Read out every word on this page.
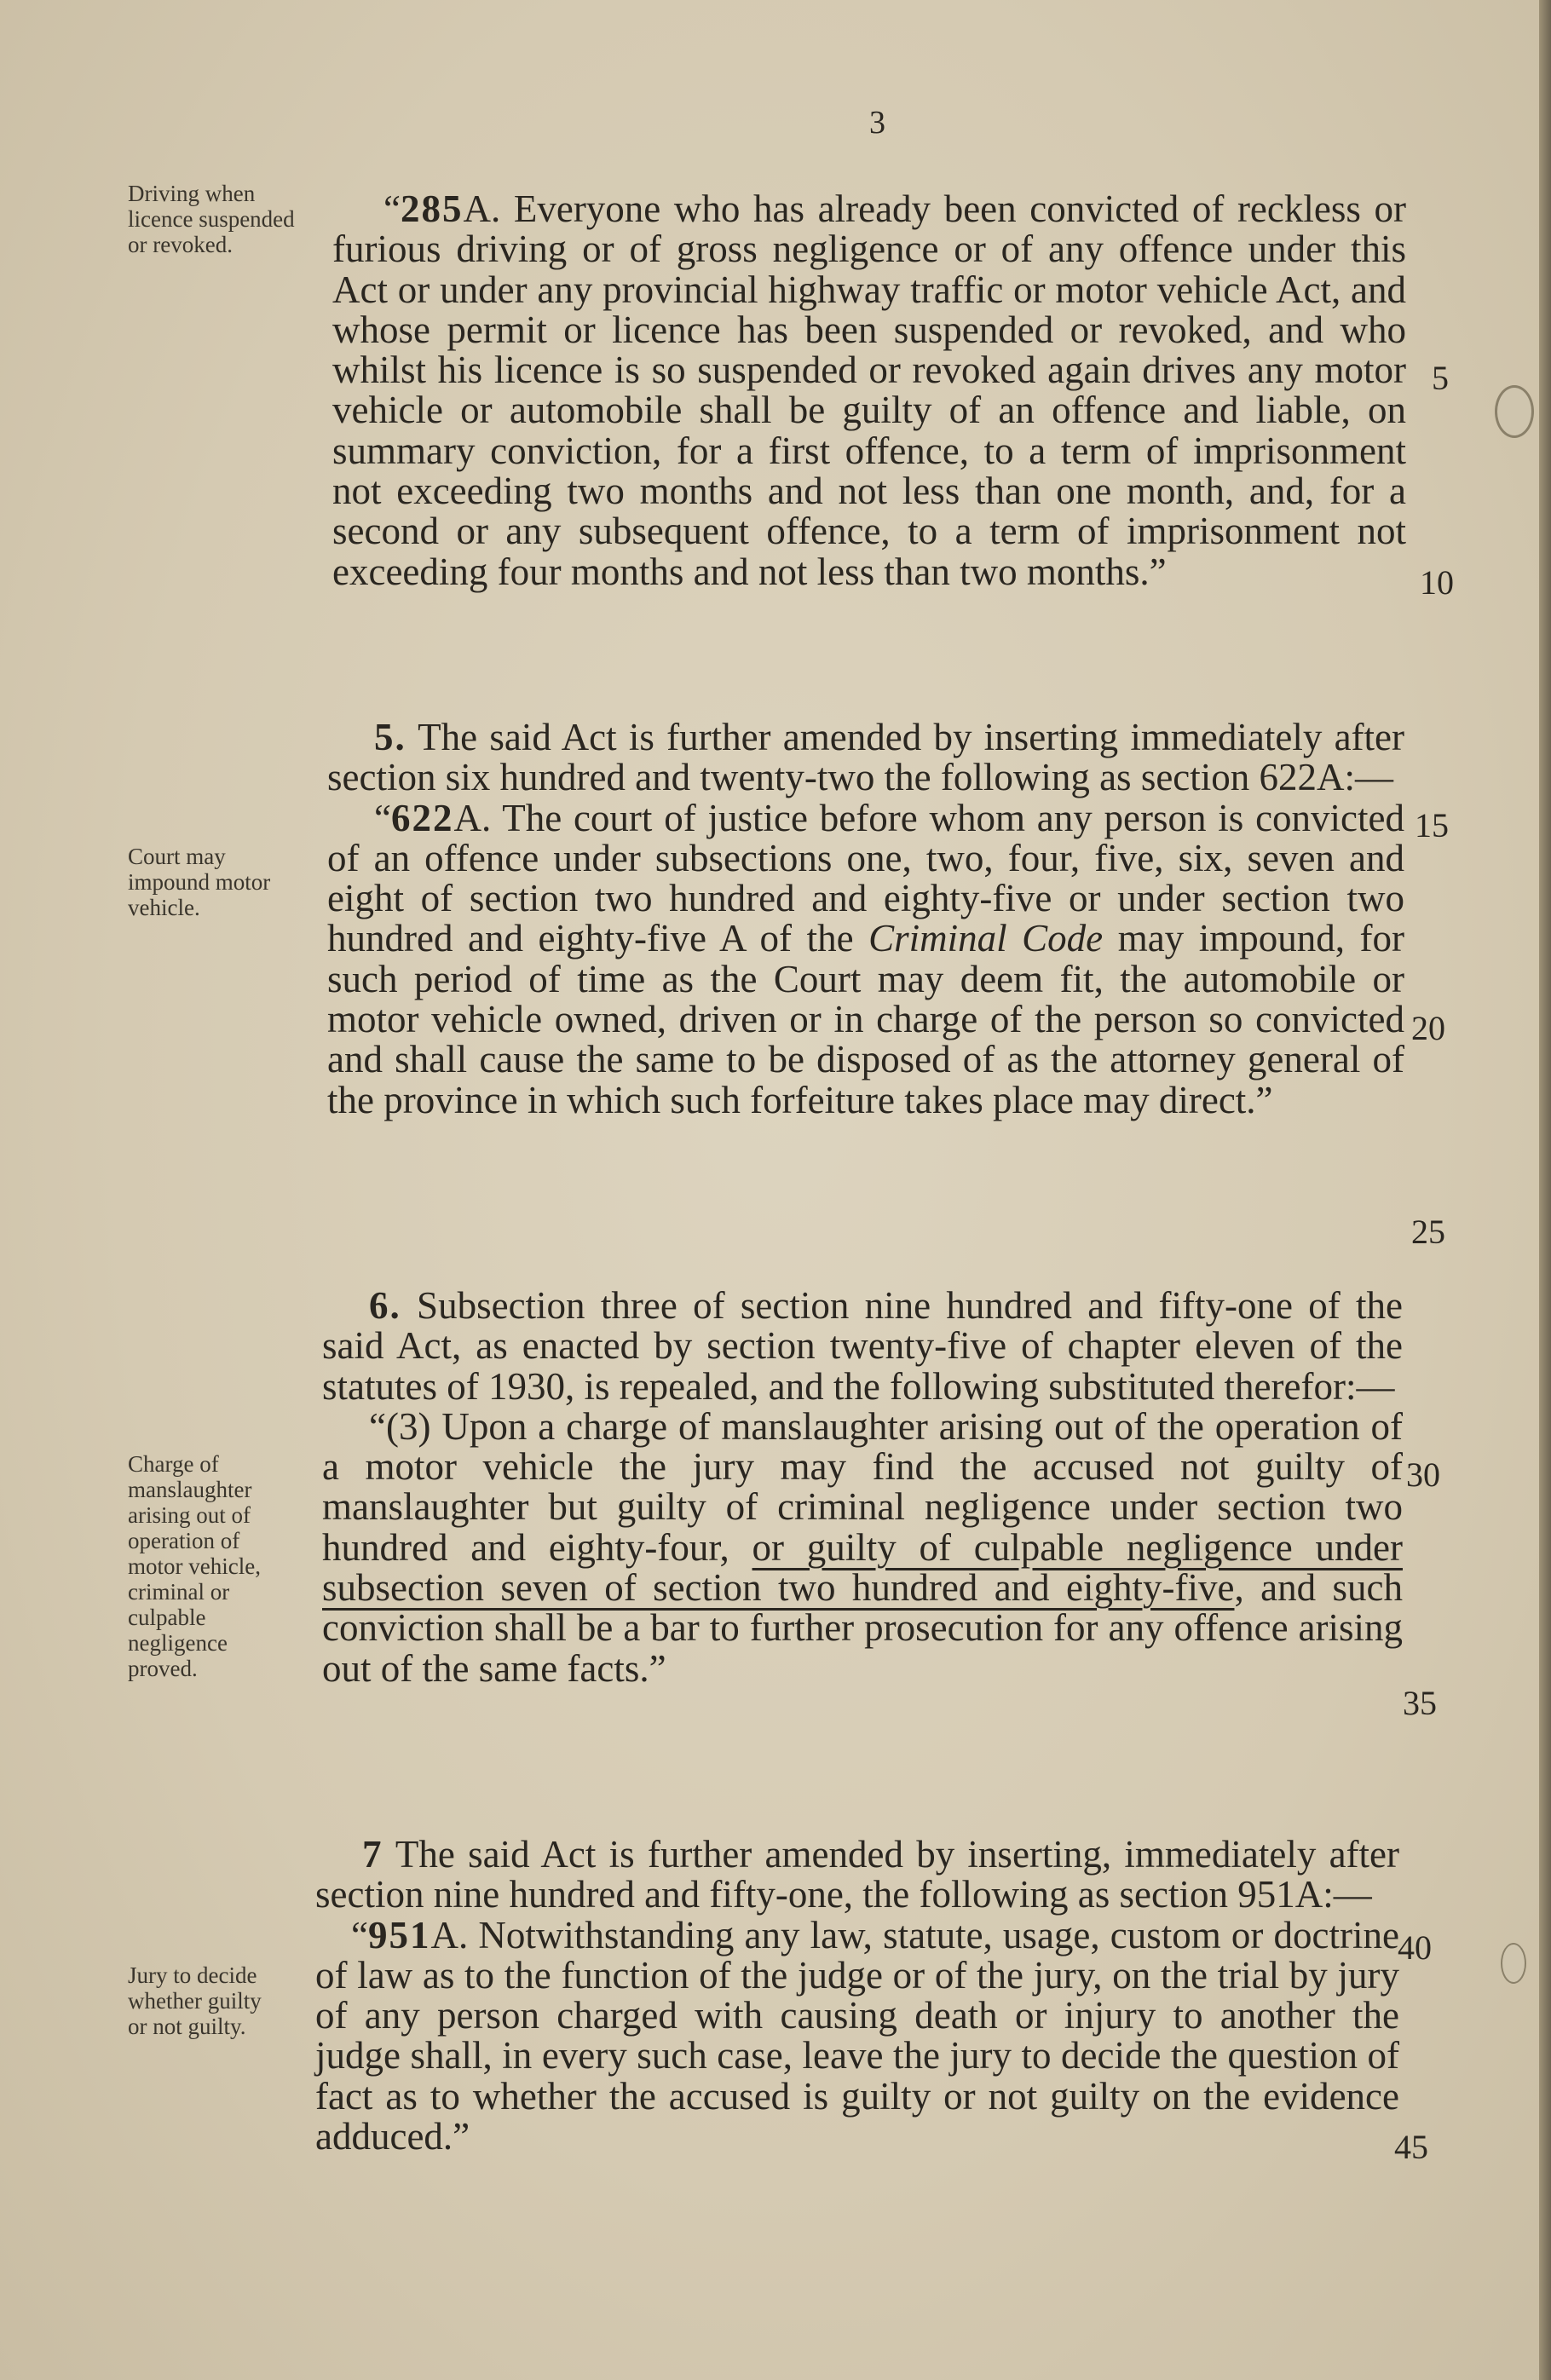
3
Driving when licence suspended or revoked.
Court may impound motor vehicle.
Charge of manslaughter arising out of operation of motor vehicle, criminal or culpable negligence proved.
Jury to decide whether guilty or not guilty.

“285A. Everyone who has already been convicted of reckless or furious driving or of gross negligence or of any offence under this Act or under any provincial highway traffic or motor vehicle Act, and whose permit or licence has been suspended or revoked, and who whilst his licence is so suspended or revoked again drives any motor vehicle or automobile shall be guilty of an offence and liable, on summary conviction, for a first offence, to a term of imprisonment not exceeding two months and not less than one month, and, for a second or any subsequent offence, to a term of imprisonment not exceeding four months and not less than two months.”

5. The said Act is further amended by inserting immediately after section six hundred and twenty-two the following as section 622A:—

“622A. The court of justice before whom any person is convicted of an offence under subsections one, two, four, five, six, seven and eight of section two hundred and eighty-five or under section two hundred and eighty-five A of the Criminal Code may impound, for such period of time as the Court may deem fit, the automobile or motor vehicle owned, driven or in charge of the person so convicted and shall cause the same to be disposed of as the attorney general of the province in which such forfeiture takes place may direct.”

6. Subsection three of section nine hundred and fifty-one of the said Act, as enacted by section twenty-five of chapter eleven of the statutes of 1930, is repealed, and the following substituted therefor:—

“(3) Upon a charge of manslaughter arising out of the operation of a motor vehicle the jury may find the accused not guilty of manslaughter but guilty of criminal negligence under section two hundred and eighty-four, or guilty of culpable negligence under subsection seven of section two hundred and eighty-five, and such conviction shall be a bar to further prosecution for any offence arising out of the same facts.”

7 The said Act is further amended by inserting, immediately after section nine hundred and fifty-one, the following as section 951A:—

“951A. Notwithstanding any law, statute, usage, custom or doctrine of law as to the function of the judge or of the jury, on the trial by jury of any person charged with causing death or injury to another the judge shall, in every such case, leave the jury to decide the question of fact as to whether the accused is guilty or not guilty on the evidence adduced.”

5
10
15
20
25
30
35
40
45
